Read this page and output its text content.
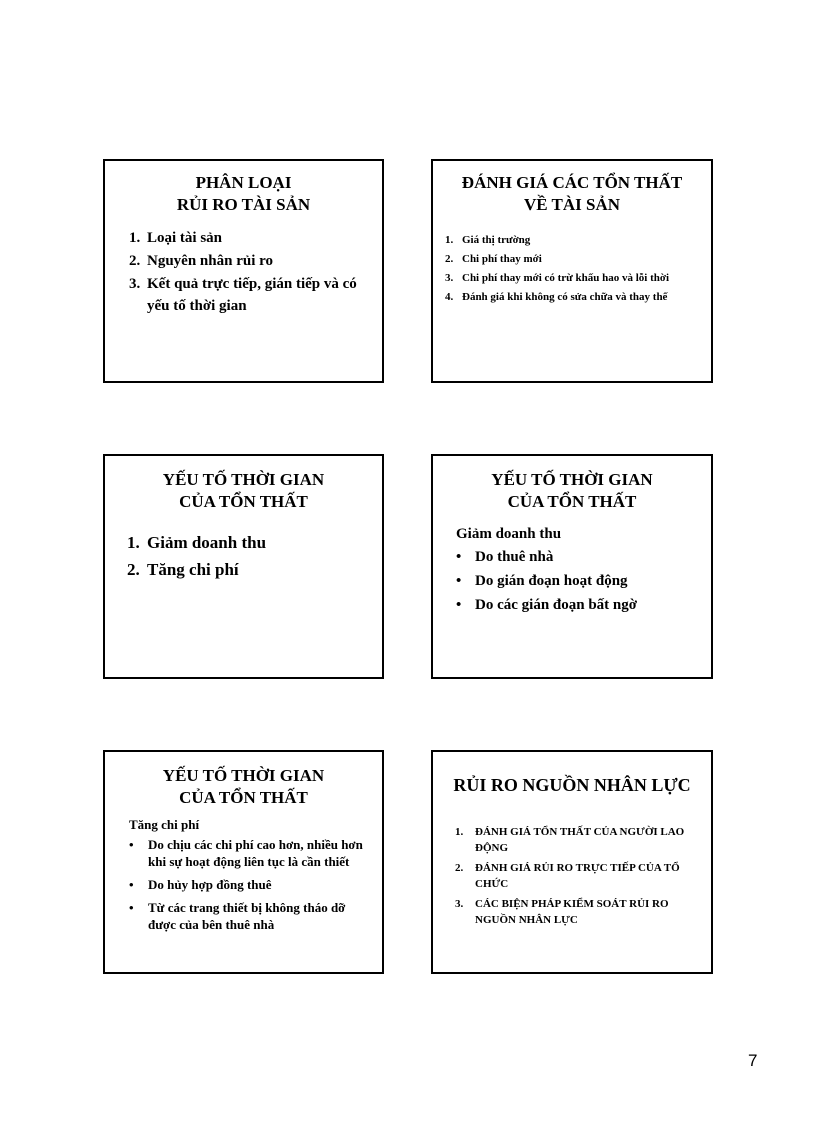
PHÂN LOẠI
RỦI RO TÀI SẢN
1. Loại tài sản
2. Nguyên nhân rủi ro
3. Kết quả trực tiếp, gián tiếp và có yếu tố thời gian
ĐÁNH GIÁ CÁC TỔN THẤT
VỀ TÀI SẢN
1. Giá thị trường
2. Chi phí thay mới
3. Chi phí thay mới có trừ khấu hao và lỗi thời
4. Đánh giá khi không có sửa chữa và thay thế
YẾU TỐ THỜI GIAN
CỦA TỔN THẤT
1. Giảm doanh thu
2. Tăng chi phí
YẾU TỐ THỜI GIAN
CỦA TỔN THẤT
Giảm doanh thu
• Do thuê nhà
• Do gián đoạn hoạt động
• Do các gián đoạn bất ngờ
YẾU TỐ THỜI GIAN
CỦA TỔN THẤT
Tăng chi phí
• Do chịu các chi phí cao hơn, nhiều hơn khi sự hoạt động liên tục là cần thiết
• Do hủy hợp đồng thuê
• Từ các trang thiết bị không tháo dỡ được của bên thuê nhà
RỦI RO NGUỒN NHÂN LỰC
1. ĐÁNH GIÁ TỔN THẤT CỦA NGƯỜI LAO ĐỘNG
2. ĐÁNH GIÁ RỦI RO TRỰC TIẾP CỦA TỔ CHỨC
3. CÁC BIỆN PHÁP KIỂM SOÁT RỦI RO NGUỒN NHÂN LỰC
7
